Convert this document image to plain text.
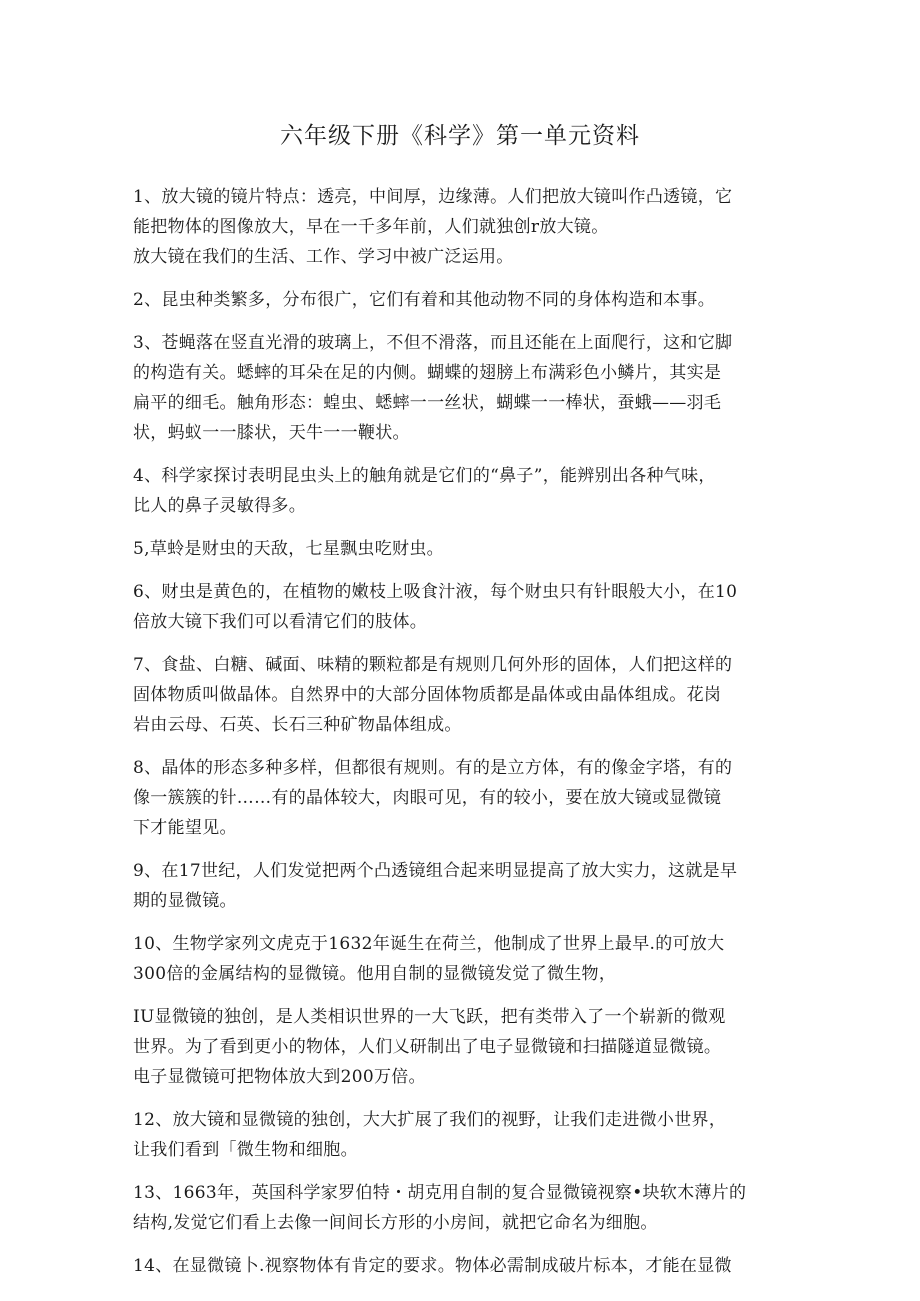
六年级下册《科学》第一单元资料

1、放大镜的镜片特点：透亮，中间厚，边缘薄。人们把放大镜叫作凸透镜，它
能把物体的图像放大，早在一千多年前，人们就独创r放大镜。
放大镜在我们的生活、工作、学习中被广泛运用。

2、昆虫种类繁多，分布很广，它们有着和其他动物不同的身体构造和本事。

3、苍蝇落在竖直光滑的玻璃上，不但不滑落，而且还能在上面爬行，这和它脚
的构造有关。蟋蟀的耳朵在足的内侧。蝴蝶的翅膀上布满彩色小鳞片，其实是
扁平的细毛。触角形态：蝗虫、蟋蟀一一丝状，蝴蝶一一棒状，蚕蛾——羽毛
状，蚂蚁一一膝状，天牛一一鞭状。

4、科学家探讨表明昆虫头上的触角就是它们的“鼻子”，能辨别出各种气味，
比人的鼻子灵敏得多。

5,草蛉是财虫的天敌，七星飘虫吃财虫。

6、财虫是黄色的，在植物的嫩枝上吸食汁液，每个财虫只有针眼般大小，在10
倍放大镜下我们可以看清它们的肢体。

7、食盐、白糖、碱面、味精的颗粒都是有规则几何外形的固体，人们把这样的
固体物质叫做晶体。自然界中的大部分固体物质都是晶体或由晶体组成。花岗
岩由云母、石英、长石三种矿物晶体组成。

8、晶体的形态多种多样，但都很有规则。有的是立方体，有的像金字塔，有的
像一簇簇的针……有的晶体较大，肉眼可见，有的较小，要在放大镜或显微镜
下才能望见。

9、在17世纪，人们发觉把两个凸透镜组合起来明显提高了放大实力，这就是早
期的显微镜。

10、生物学家列文虎克于1632年诞生在荷兰，他制成了世界上最早.的可放大
300倍的金属结构的显微镜。他用自制的显微镜发觉了微生物，

IU显微镜的独创，是人类相识世界的一大飞跃，把有类带入了一个崭新的微观
世界。为了看到更小的物体，人们乂研制出了电子显微镜和扫描隧道显微镜。
电子显微镜可把物体放大到200万倍。

12、放大镜和显微镜的独创，大大扩展了我们的视野，让我们走进微小世界，
让我们看到「微生物和细胞。

13、1663年，英国科学家罗伯特・胡克用自制的复合显微镜视察•块软木薄片的
结构,发觉它们看上去像一间间长方形的小房间，就把它命名为细胞。

14、在显微镜卜.视察物体有肯定的要求。物体必需制成破片标本，才能在显微
